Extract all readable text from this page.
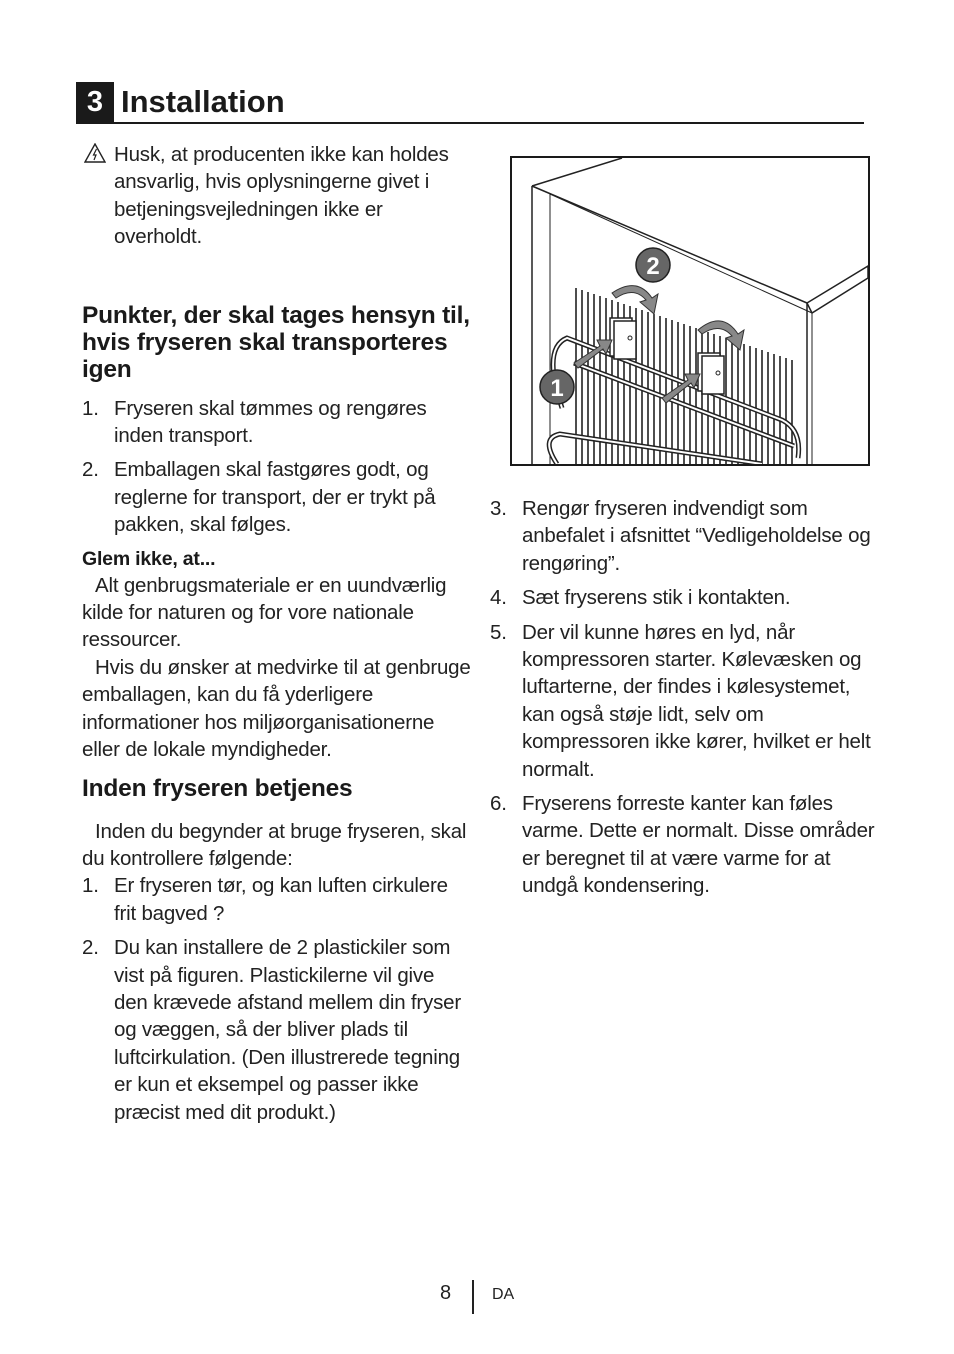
3 Installation
Husk, at producenten ikke kan holdes ansvarlig, hvis oplysningerne givet i betjeningsvejledningen ikke er overholdt.
Punkter, der skal tages hensyn til, hvis fryseren skal transporteres igen
1. Fryseren skal tømmes og rengøres inden transport.
2. Emballagen skal fastgøres godt, og reglerne for transport, der er trykt på pakken, skal følges.
Glem ikke, at...

Alt genbrugsmateriale er en uundværlig kilde for naturen og for vore nationale ressourcer.

Hvis du ønsker at medvirke til at genbruge emballagen, kan du få yderligere informationer hos miljøorganisationerne eller de lokale myndigheder.

Inden fryseren betjenes

Inden du begynder at bruge fryseren, skal du kontrollere følgende:

1. Er fryseren tør, og kan luften cirkulere frit bagved ?
2. Du kan installere de 2 plastickiler som vist på figuren. Plastickilerne vil give den krævede afstand mellem din fryser og væggen, så der bliver plads til luftcirkulation. (Den illustrerede tegning er kun et eksempel og passer ikke præcist med dit produkt.)
2
1
3. Rengør fryseren indvendigt som anbefalet i afsnittet “Vedligeholdelse og rengøring”.
4. Sæt fryserens stik i kontakten.
5. Der vil kunne høres en lyd, når kompressoren starter. Kølevæsken og luftarterne, der findes i kølesystemet, kan også støje lidt, selv om kompressoren ikke kører, hvilket er helt normalt.
6. Fryserens forreste kanter kan føles varme. Dette er normalt. Disse områder er beregnet til at være varme for at undgå kondensering.
8	DA
